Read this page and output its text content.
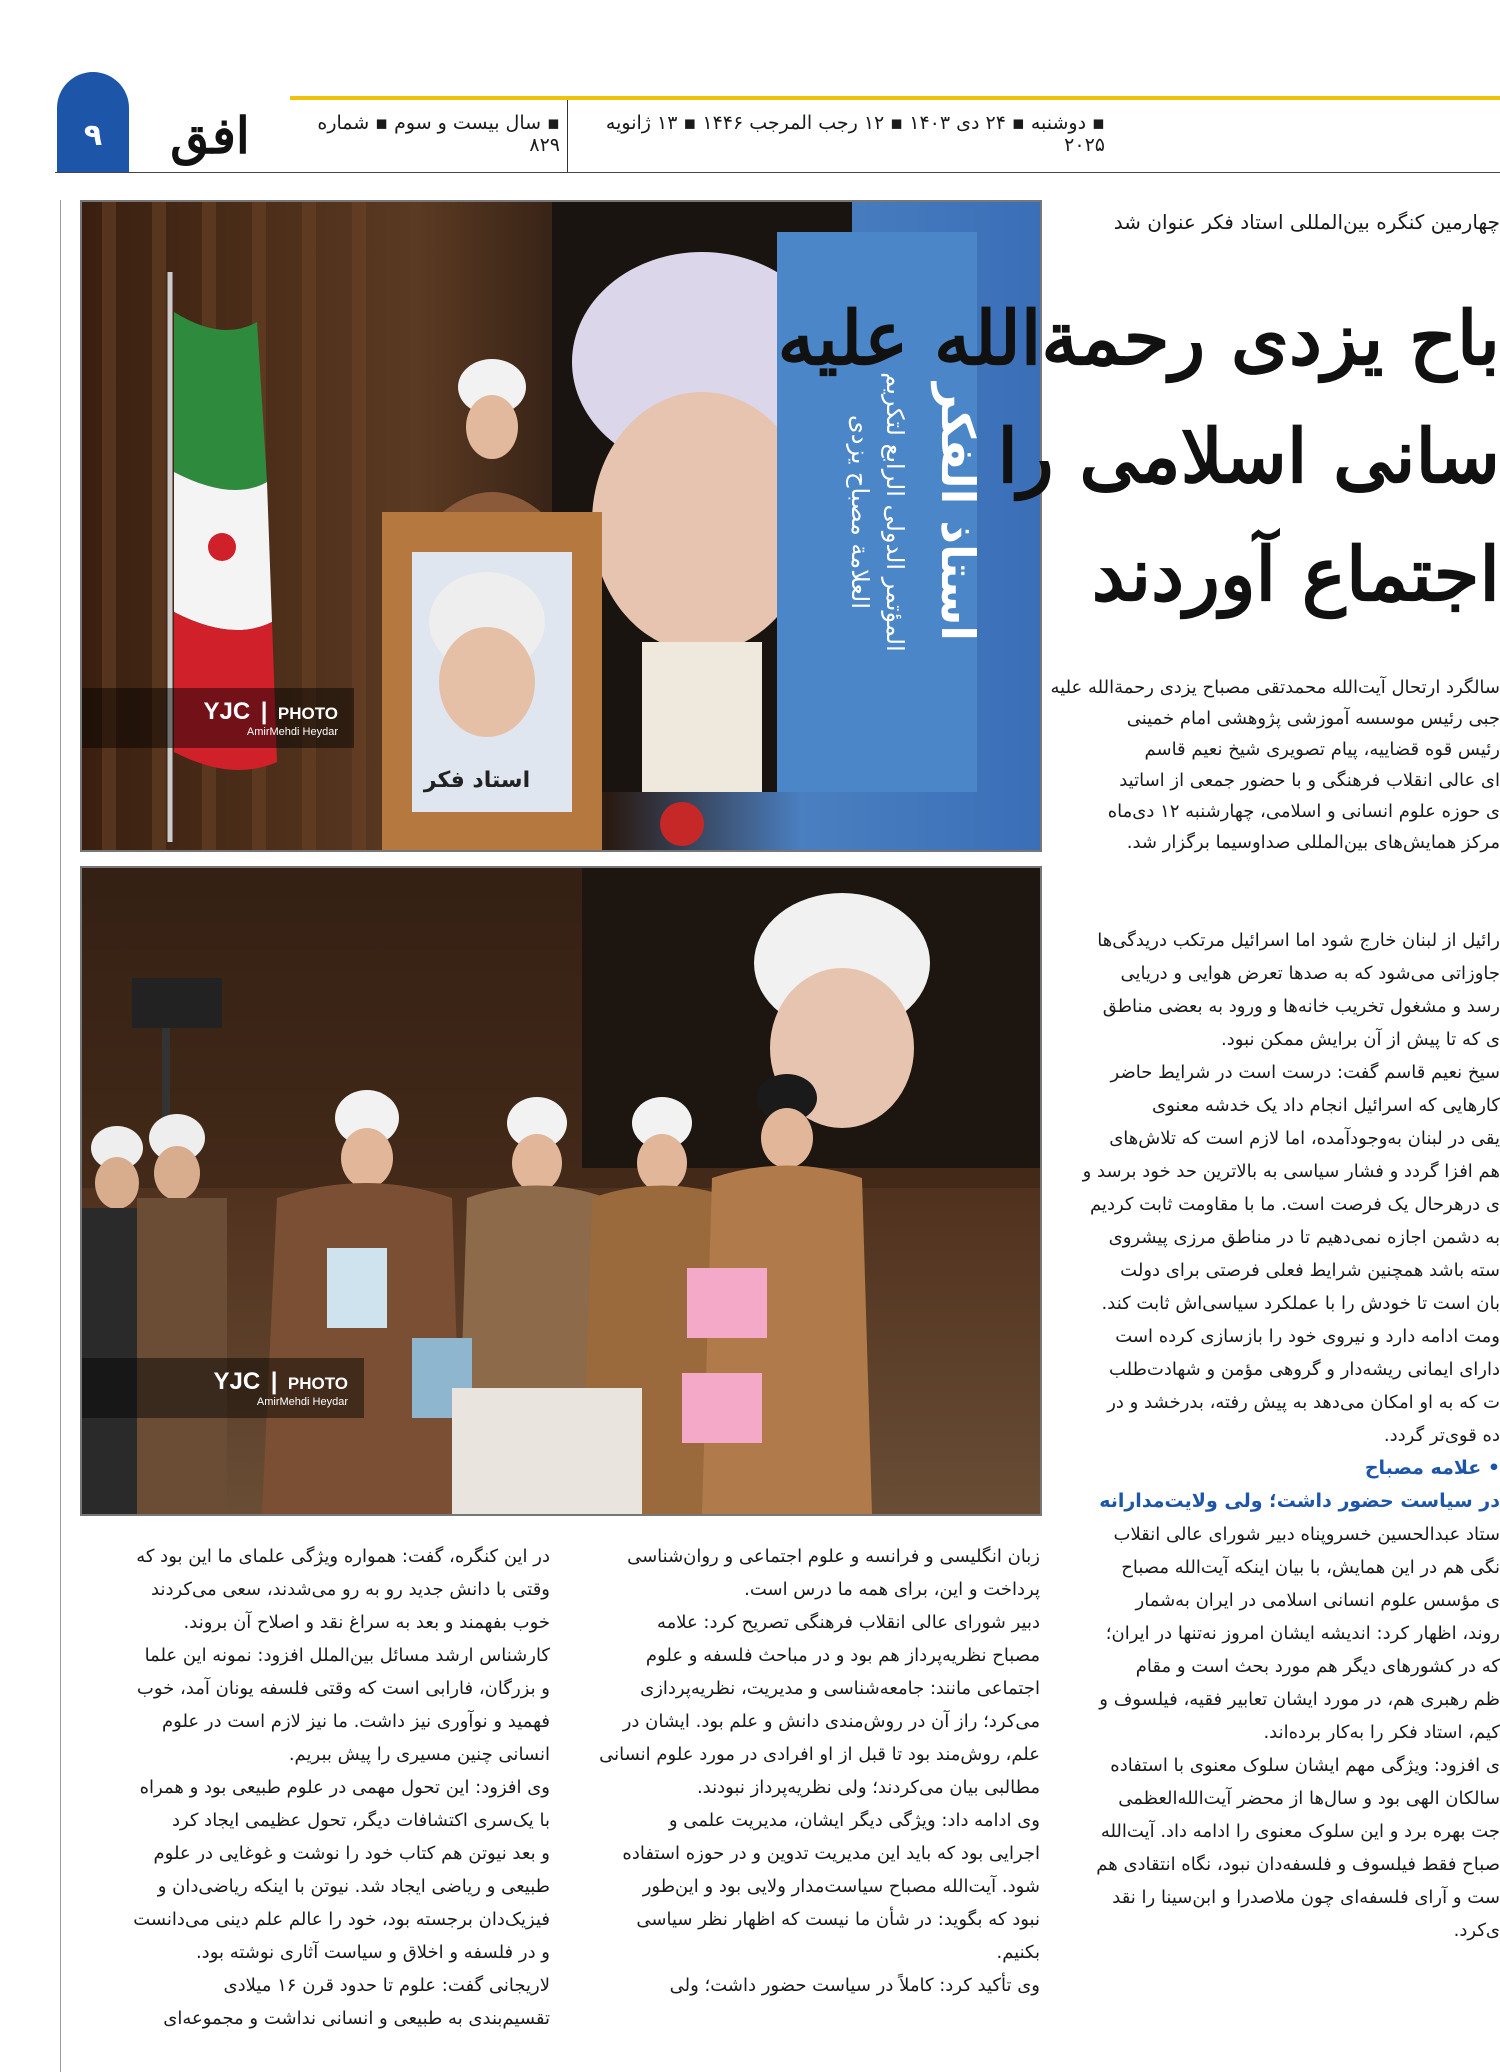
۹	افق	▪ سال بیست و سوم ▪ شماره ۸۲۹
▪ دوشنبه ▪ ۲۴ دی ۱۴۰۳ ▪ ۱۲ رجب المرجب ۱۴۴۶ ▪ ۱۳ ژانویه ۲۰۲۵
استاذ الفکر
المؤتمر الدولی الرابع لتکریم
العلامة مصباح یزدی
استاد فکر
YJC | PHOTO
AmirMehdi Heydar
YJC | PHOTO
AmirMehdi Heydar
چهارمین کنگره بین‌المللی استاد فکر عنوان شد
باح یزدی رحمة‌الله علیه
سانی اسلامی را
اجتماع آوردند

سالگرد ارتحال آیت‌الله محمدتقی مصباح یزدی رحمة‌الله علیه

جبی رئیس موسسه آموزشی پژوهشی امام خمینی

رئیس قوه قضاییه، پیام تصویری شیخ نعیم قاسم

ای عالی انقلاب فرهنگی و با حضور جمعی از اساتید

ی حوزه علوم انسانی و اسلامی، چهارشنبه ۱۲ دی‌ماه

مرکز همایش‌های بین‌المللی صداوسیما برگزار شد.

رائیل از لبنان خارج شود اما اسرائیل مرتکب دریدگی‌ها

جاوزاتی می‌شود که به صدها تعرض هوایی و دریایی

رسد و مشغول تخریب خانه‌ها و ورود به بعضی مناطق

ی که تا پیش از آن برایش ممکن نبود.

سیخ نعیم قاسم گفت: درست است در شرایط حاضر

کارهایی که اسرائیل انجام داد یک خدشه معنوی

یقی در لبنان به‌وجودآمده، اما لازم است که تلاش‌های

هم افزا گردد و فشار سیاسی به بالاترین حد خود برسد و

ی درهرحال یک فرصت است. ما با مقاومت ثابت کردیم

به دشمن اجازه نمی‌دهیم تا در مناطق مرزی پیشروی

سته باشد همچنین شرایط فعلی فرصتی برای دولت

بان است تا خودش را با عملکرد سیاسی‌اش ثابت کند.

ومت ادامه دارد و نیروی خود را بازسازی کرده است

دارای ایمانی ریشه‌دار و گروهی مؤمن و شهادت‌طلب

ت که به او امکان می‌دهد به پیش رفته، بدرخشد و در

ده قوی‌تر گردد.

• علامه مصباح

در سیاست حضور داشت؛ ولی ولایت‌مدارانه

ستاد عبدالحسین خسروپناه دبیر شورای عالی انقلاب

نگی هم در این همایش، با بیان اینکه آیت‌الله مصباح

ی مؤسس علوم انسانی اسلامی در ایران به‌شمار

روند، اظهار کرد: اندیشه ایشان امروز نه‌تنها در ایران؛

که در کشورهای دیگر هم مورد بحث است و مقام

ظم رهبری هم، در مورد ایشان تعابیر فقیه، فیلسوف و

کیم، استاد فکر را به‌کار برده‌اند.

ی افزود: ویژگی مهم ایشان سلوک معنوی با استفاده

سالکان الهی بود و سال‌ها از محضر آیت‌الله‌العظمی

جت بهره برد و این سلوک معنوی را ادامه داد. آیت‌الله

صباح فقط فیلسوف و فلسفه‌دان نبود، نگاه انتقادی هم

ست و آرای فلسفه‌ای چون ملاصدرا و ابن‌سینا را نقد

ی‌کرد.

زبان انگلیسی و فرانسه و علوم اجتماعی و روان‌شناسی

پرداخت و این، برای همه ما درس است.

دبیر شورای عالی انقلاب فرهنگی تصریح کرد: علامه

مصباح نظریه‌پرداز هم بود و در مباحث فلسفه و علوم

اجتماعی مانند: جامعه‌شناسی و مدیریت، نظریه‌پردازی

می‌کرد؛ راز آن در روش‌مندی دانش و علم بود. ایشان در

علم، روش‌مند بود تا قبل از او افرادی در مورد علوم انسانی

مطالبی بیان می‌کردند؛ ولی نظریه‌پرداز نبودند.

وی ادامه داد: ویژگی دیگر ایشان، مدیریت علمی و

اجرایی بود که باید این مدیریت تدوین و در حوزه استفاده

شود. آیت‌الله مصباح سیاست‌مدار ولایی بود و این‌طور

نبود که بگوید: در شأن ما نیست که اظهار نظر سیاسی

بکنیم.

وی تأکید کرد: کاملاً در سیاست حضور داشت؛ ولی

در این کنگره، گفت: همواره ویژگی علمای ما این بود که

وقتی با دانش جدید رو به رو می‌شدند، سعی می‌کردند

خوب بفهمند و بعد به سراغ نقد و اصلاح آن بروند.

کارشناس ارشد مسائل بین‌الملل افزود: نمونه این علما

و بزرگان، فارابی است که وقتی فلسفه یونان آمد، خوب

فهمید و نوآوری نیز داشت. ما نیز لازم است در علوم

انسانی چنین مسیری را پیش ببریم.

وی افزود: این تحول مهمی در علوم طبیعی بود و همراه

با یک‌سری اکتشافات دیگر، تحول عظیمی ایجاد کرد

و بعد نیوتن هم کتاب خود را نوشت و غوغایی در علوم

طبیعی و ریاضی ایجاد شد. نیوتن با اینکه ریاضی‌دان و

فیزیک‌دان برجسته بود، خود را عالم علم دینی می‌دانست

و در فلسفه و اخلاق و سیاست آثاری نوشته بود.

لاریجانی گفت: علوم تا حدود قرن ۱۶ میلادی

تقسیم‌بندی به طبیعی و انسانی نداشت و مجموعه‌ای
